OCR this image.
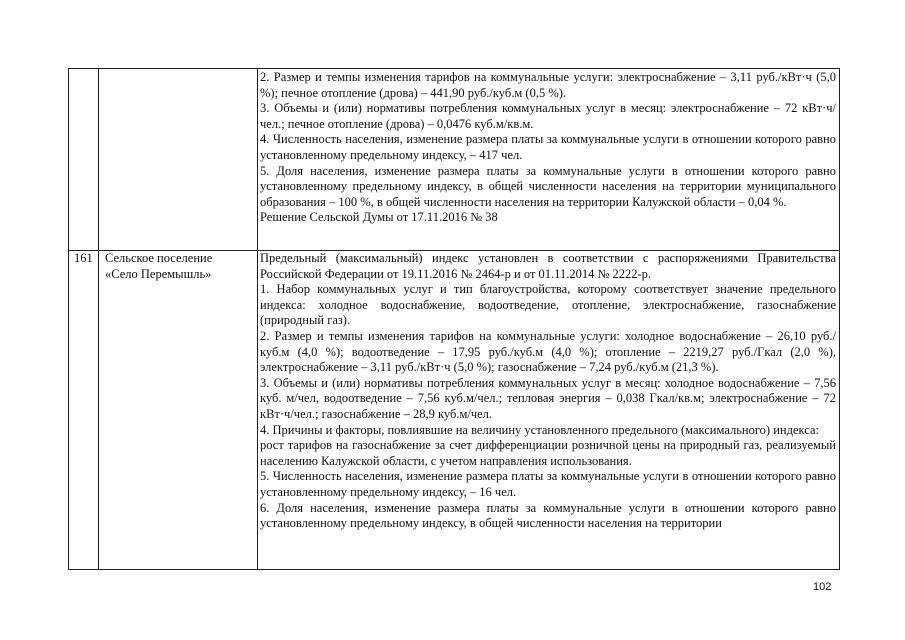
2. Размер и темпы изменения тарифов на коммунальные услуги: электроснабжение – 3,11 руб./кВт·ч (5,0 %); печное отопление (дрова) – 441,90 руб./куб.м (0,5 %).

3. Объемы и (или) нормативы потребления коммунальных услуг в месяц: электроснабжение – 72 кВт·ч/чел.; печное отопление (дрова) – 0,0476 куб.м/кв.м.

4. Численность населения, изменение размера платы за коммунальные услуги в отношении которого равно установленному предельному индексу, – 417 чел.

5. Доля населения, изменение размера платы за коммунальные услуги в отношении которого равно установленному предельному индексу, в общей численности населения на территории муниципального образования – 100 %, в общей численности населения на территории Калужской области – 0,04 %.

Решение Сельской Думы от 17.11.2016 № 38

161 Сельское поселение «Село Перемышль»

Предельный (максимальный) индекс установлен в соответствии с распоряжениями Правительства Российской Федерации от 19.11.2016 № 2464-р и от 01.11.2014 № 2222-р.

1. Набор коммунальных услуг и тип благоустройства, которому соответствует значение предельного индекса: холодное водоснабжение, водоотведение, отопление, электроснабжение, газоснабжение (природный газ).

2. Размер и темпы изменения тарифов на коммунальные услуги: холодное водоснабжение – 26,10 руб./куб.м (4,0 %); водоотведение – 17,95 руб./куб.м (4,0 %); отопление – 2219,27 руб./Гкал (2,0 %), электроснабжение – 3,11 руб./кВт·ч (5,0 %); газоснабжение – 7,24 руб./куб.м (21,3 %).

3. Объемы и (или) нормативы потребления коммунальных услуг в месяц: холодное водоснабжение – 7,56 куб. м/чел, водоотведение – 7,56 куб.м/чел.; тепловая энергия – 0,038 Гкал/кв.м; электроснабжение – 72 кВт·ч/чел.; газоснабжение – 28,9 куб.м/чел.

4. Причины и факторы, повлиявшие на величину установленного предельного (максимального) индекса:

рост тарифов на газоснабжение за счет дифференциации розничной цены на природный газ, реализуемый населению Калужской области, с учетом направления использования.

5. Численность населения, изменение размера платы за коммунальные услуги в отношении которого равно установленному предельному индексу, – 16 чел.

6. Доля населения, изменение размера платы за коммунальные услуги в отношении которого равно установленному предельному индексу, в общей численности населения на территории

102
